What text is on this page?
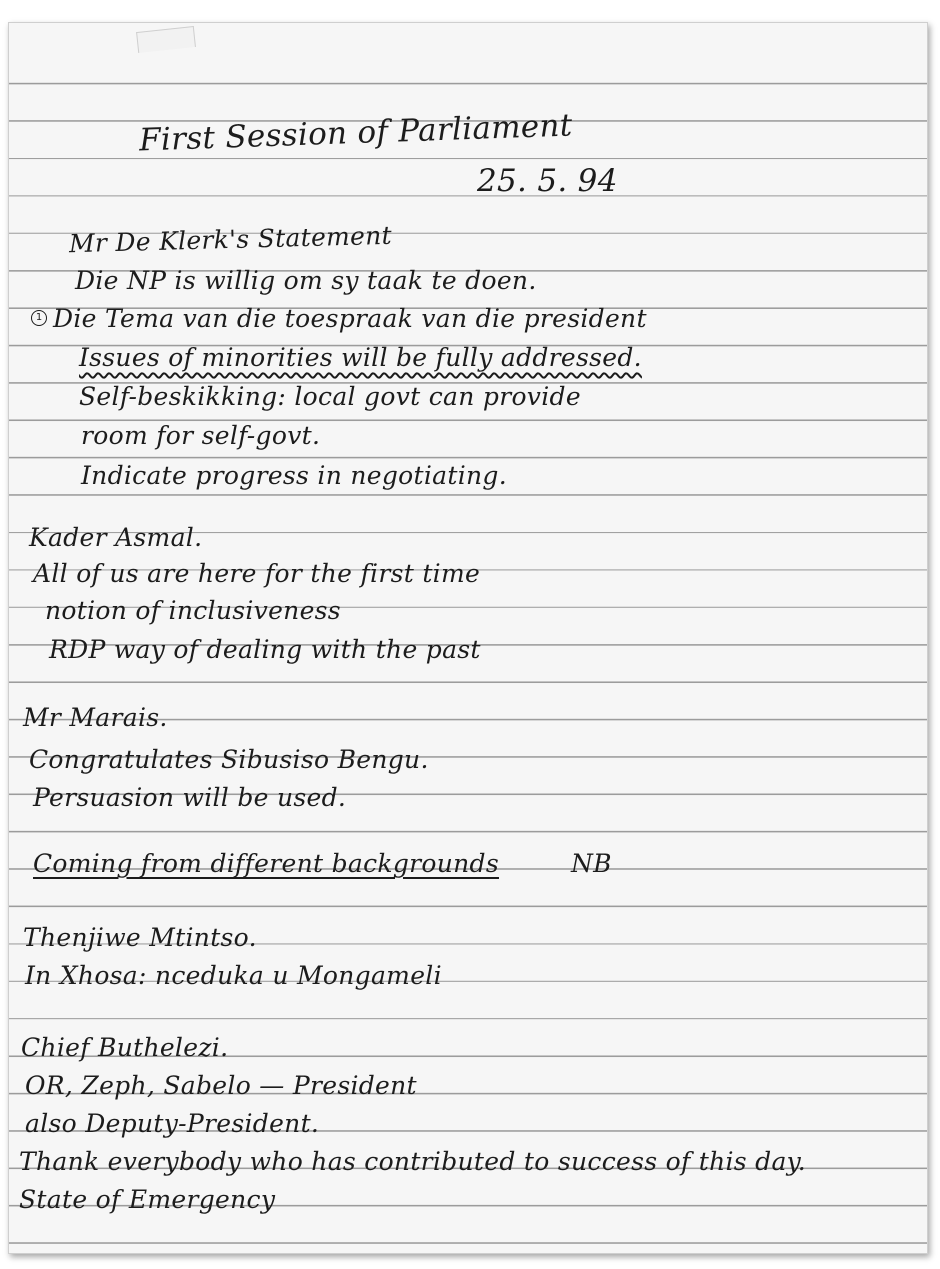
First Session of Parliament
25. 5. 94
Mr De Klerk's Statement
Die NP is willig om sy taak te doen.
1 Die Tema van die toespraak van die president
Issues of minorities will be fully addressed.
Self-beskikking: local govt can provide
room for self-govt.
Indicate progress in negotiating.
Kader Asmal.
All of us are here for the first time
notion of inclusiveness
RDP way of dealing with the past
Mr Marais.
Congratulates Sibusiso Bengu.
Persuasion will be used.
Coming from different backgrounds	NB
Thenjiwe Mtintso.
In Xhosa: nceduka u Mongameli
Chief Buthelezi.
OR, Zeph, Sabelo — President
also Deputy-President.
Thank everybody who has contributed to success of this day.
State of Emergency
